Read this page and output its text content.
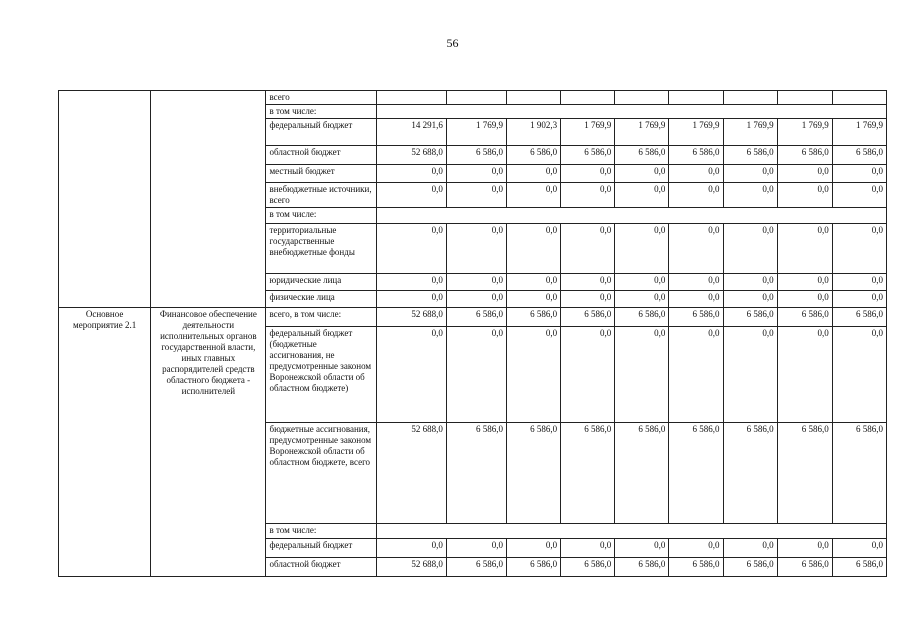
56
		всего									
		в том числе:									
		федеральный бюджет	14 291,6	1 769,9	1 902,3	1 769,9	1 769,9	1 769,9	1 769,9	1 769,9	1 769,9
		областной бюджет	52 688,0	6 586,0	6 586,0	6 586,0	6 586,0	6 586,0	6 586,0	6 586,0	6 586,0
		местный бюджет	0,0	0,0	0,0	0,0	0,0	0,0	0,0	0,0	0,0
		внебюджетные источники, всего	0,0	0,0	0,0	0,0	0,0	0,0	0,0	0,0	0,0
		в том числе:									
		территориальные государственные внебюджетные фонды	0,0	0,0	0,0	0,0	0,0	0,0	0,0	0,0	0,0
		юридические лица	0,0	0,0	0,0	0,0	0,0	0,0	0,0	0,0	0,0
		физические лица	0,0	0,0	0,0	0,0	0,0	0,0	0,0	0,0	0,0
Основное мероприятие 2.1	Финансовое обеспечение деятельности исполнительных органов государственной власти, иных главных распорядителей средств областного бюджета - исполнителей	всего, в том числе:	52 688,0	6 586,0	6 586,0	6 586,0	6 586,0	6 586,0	6 586,0	6 586,0	6 586,0
		федеральный бюджет (бюджетные ассигнования, не предусмотренные законом Воронежской области об областном бюджете)	0,0	0,0	0,0	0,0	0,0	0,0	0,0	0,0	0,0
		бюджетные ассигнования, предусмотренные законом Воронежской области об областном бюджете, всего	52 688,0	6 586,0	6 586,0	6 586,0	6 586,0	6 586,0	6 586,0	6 586,0	6 586,0
		в том числе:									
		федеральный бюджет	0,0	0,0	0,0	0,0	0,0	0,0	0,0	0,0	0,0
		областной бюджет	52 688,0	6 586,0	6 586,0	6 586,0	6 586,0	6 586,0	6 586,0	6 586,0	6 586,0
